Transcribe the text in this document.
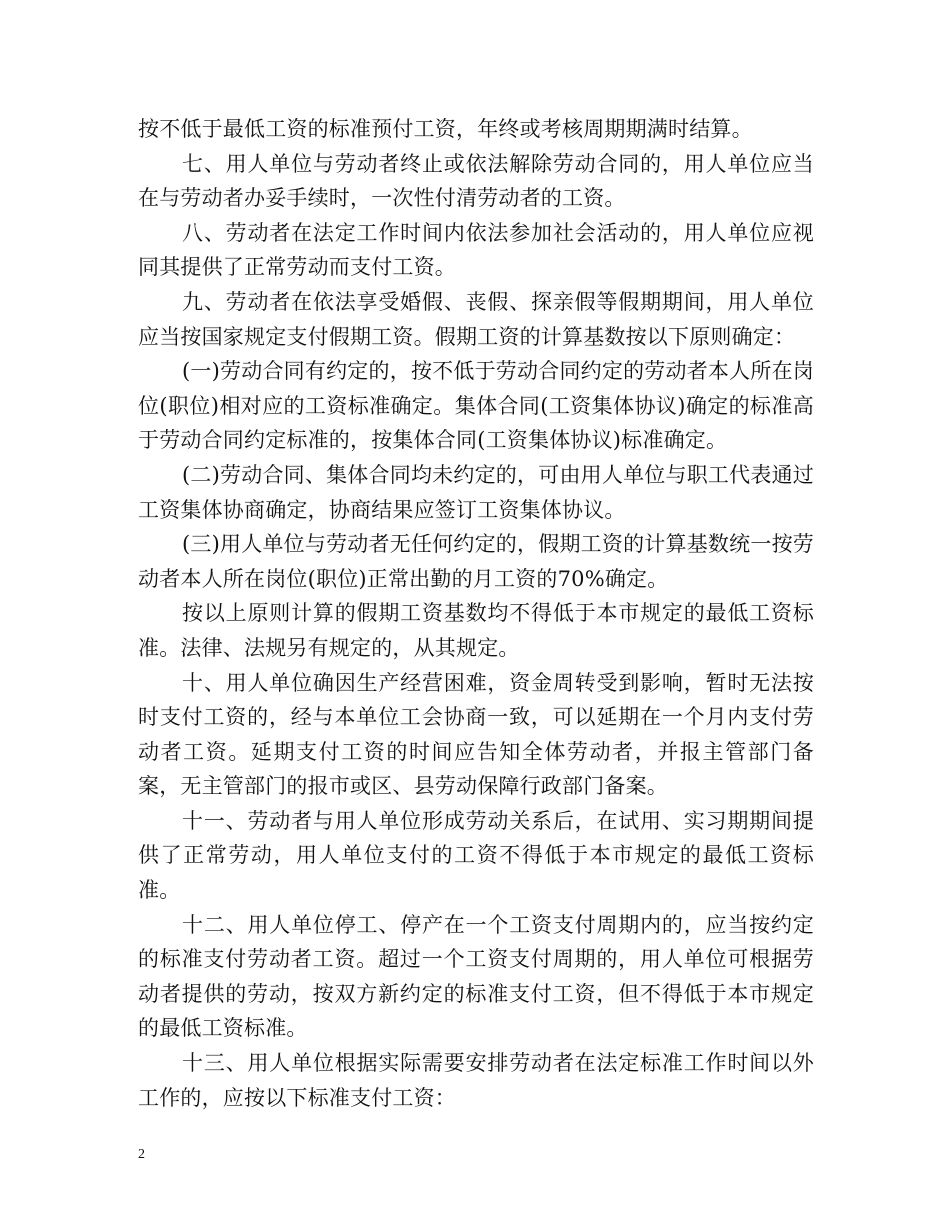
按不低于最低工资的标准预付工资，年终或考核周期期满时结算。

七、用人单位与劳动者终止或依法解除劳动合同的，用人单位应当在与劳动者办妥手续时，一次性付清劳动者的工资。

八、劳动者在法定工作时间内依法参加社会活动的，用人单位应视同其提供了正常劳动而支付工资。

九、劳动者在依法享受婚假、丧假、探亲假等假期期间，用人单位应当按国家规定支付假期工资。假期工资的计算基数按以下原则确定：

(一)劳动合同有约定的，按不低于劳动合同约定的劳动者本人所在岗位(职位)相对应的工资标准确定。集体合同(工资集体协议)确定的标准高于劳动合同约定标准的，按集体合同(工资集体协议)标准确定。

(二)劳动合同、集体合同均未约定的，可由用人单位与职工代表通过工资集体协商确定，协商结果应签订工资集体协议。

(三)用人单位与劳动者无任何约定的，假期工资的计算基数统一按劳动者本人所在岗位(职位)正常出勤的月工资的70%确定。

按以上原则计算的假期工资基数均不得低于本市规定的最低工资标准。法律、法规另有规定的，从其规定。

十、用人单位确因生产经营困难，资金周转受到影响，暂时无法按时支付工资的，经与本单位工会协商一致，可以延期在一个月内支付劳动者工资。延期支付工资的时间应告知全体劳动者，并报主管部门备案，无主管部门的报市或区、县劳动保障行政部门备案。

十一、劳动者与用人单位形成劳动关系后，在试用、实习期期间提供了正常劳动，用人单位支付的工资不得低于本市规定的最低工资标准。

十二、用人单位停工、停产在一个工资支付周期内的，应当按约定的标准支付劳动者工资。超过一个工资支付周期的，用人单位可根据劳动者提供的劳动，按双方新约定的标准支付工资，但不得低于本市规定的最低工资标准。

十三、用人单位根据实际需要安排劳动者在法定标准工作时间以外工作的，应按以下标准支付工资：

2
